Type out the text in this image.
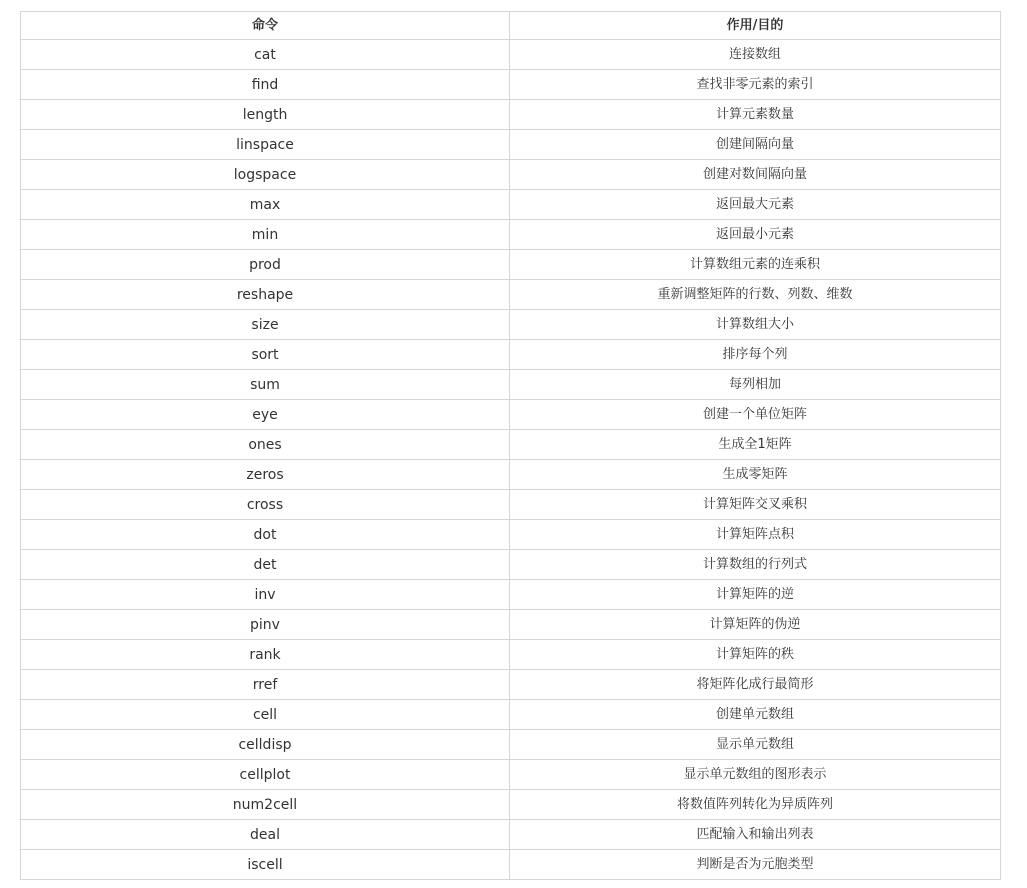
命令	作用/目的
cat	连接数组
find	查找非零元素的索引
length	计算元素数量
linspace	创建间隔向量
logspace	创建对数间隔向量
max	返回最大元素
min	返回最小元素
prod	计算数组元素的连乘积
reshape	重新调整矩阵的行数、列数、维数
size	计算数组大小
sort	排序每个列
sum	每列相加
eye	创建一个单位矩阵
ones	生成全1矩阵
zeros	生成零矩阵
cross	计算矩阵交叉乘积
dot	计算矩阵点积
det	计算数组的行列式
inv	计算矩阵的逆
pinv	计算矩阵的伪逆
rank	计算矩阵的秩
rref	将矩阵化成行最简形
cell	创建单元数组
celldisp	显示单元数组
cellplot	显示单元数组的图形表示
num2cell	将数值阵列转化为异质阵列
deal	匹配输入和输出列表
iscell	判断是否为元胞类型
